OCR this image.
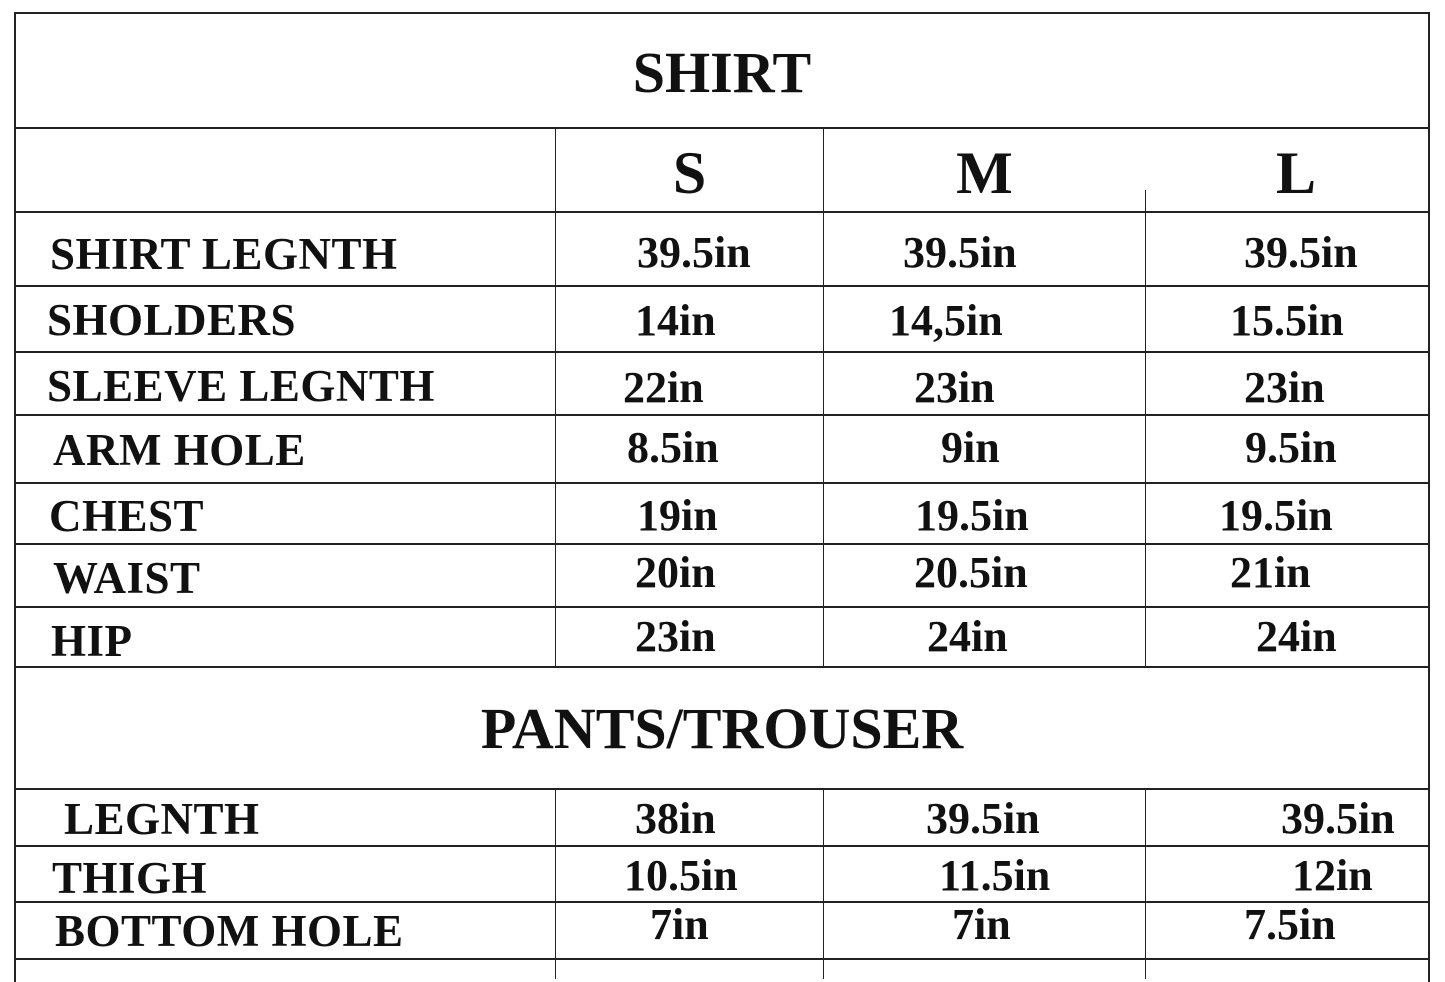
SHIRT
S	M	L
SHIRT LEGNTH	39.5in	39.5in	39.5in
SHOLDERS	14in	14,5in	15.5in
SLEEVE LEGNTH	22in	23in	23in
ARM HOLE	8.5in	9in	9.5in
CHEST	19in	19.5in	19.5in
WAIST	20in	20.5in	21in
HIP	23in	24in	24in
PANTS/TROUSER
LEGNTH	38in	39.5in	39.5in
THIGH	10.5in	11.5in	12in
BOTTOM HOLE	7in	7in	7.5in
